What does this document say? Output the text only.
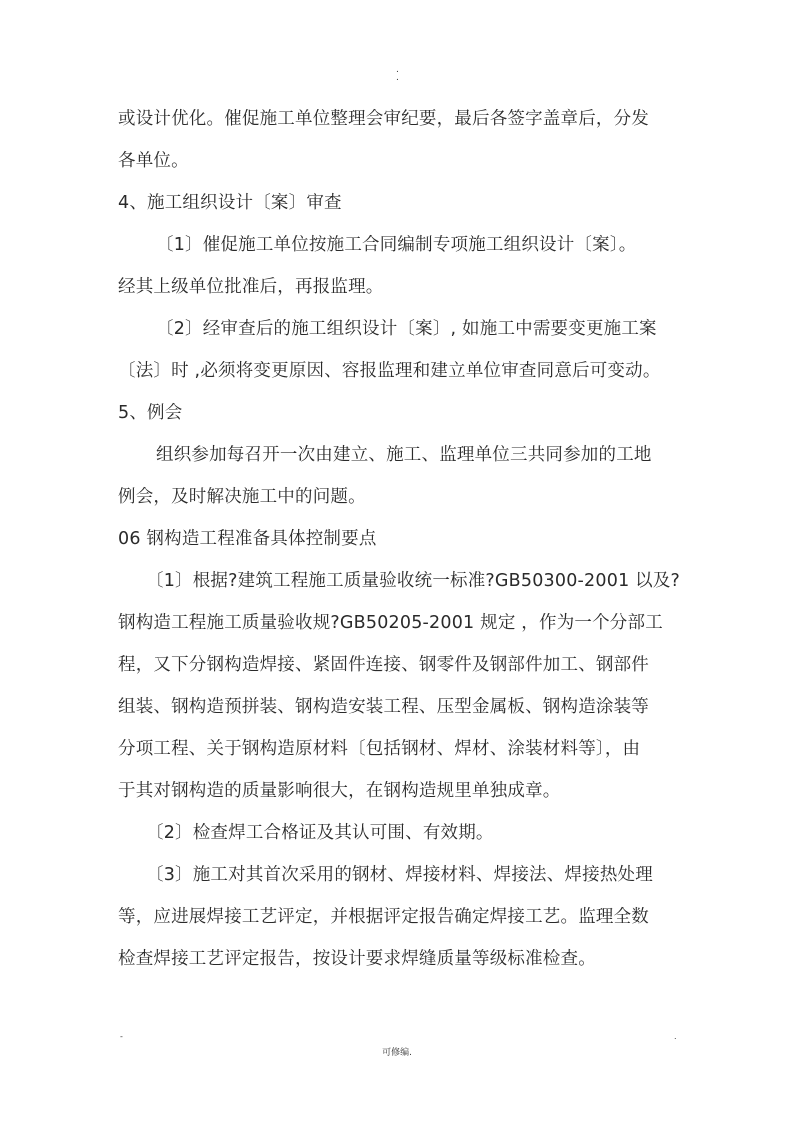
.
.
或设计优化。催促施工单位整理会审纪要，最后各签字盖章后，分发
各单位。
4、施工组织设计〔案〕审查
〔1〕催促施工单位按施工合同编制专项施工组织设计〔案〕。
经其上级单位批准后，再报监理。
〔2〕经审查后的施工组织设计〔案〕, 如施工中需要变更施工案
〔法〕时 ,必须将变更原因、容报监理和建立单位审查同意后可变动。
5、例会
组织参加每召开一次由建立、施工、监理单位三共同参加的工地
例会，及时解决施工中的问题。
06 钢构造工程准备具体控制要点
〔1〕根据?建筑工程施工质量验收统一标准?GB50300-2001 以及?
钢构造工程施工质量验收规?GB50205-2001 规定 ，作为一个分部工
程，又下分钢构造焊接、紧固件连接、钢零件及钢部件加工、钢部件
组装、钢构造预拼装、钢构造安装工程、压型金属板、钢构造涂装等
分项工程、关于钢构造原材料〔包括钢材、焊材、涂装材料等〕，由
于其对钢构造的质量影响很大，在钢构造规里单独成章。
〔2〕检查焊工合格证及其认可围、有效期。
〔3〕施工对其首次采用的钢材、焊接材料、焊接法、焊接热处理
等，应进展焊接工艺评定，并根据评定报告确定焊接工艺。监理全数
检查焊接工艺评定报告，按设计要求焊缝质量等级标准检查。
-	.
可修编.
